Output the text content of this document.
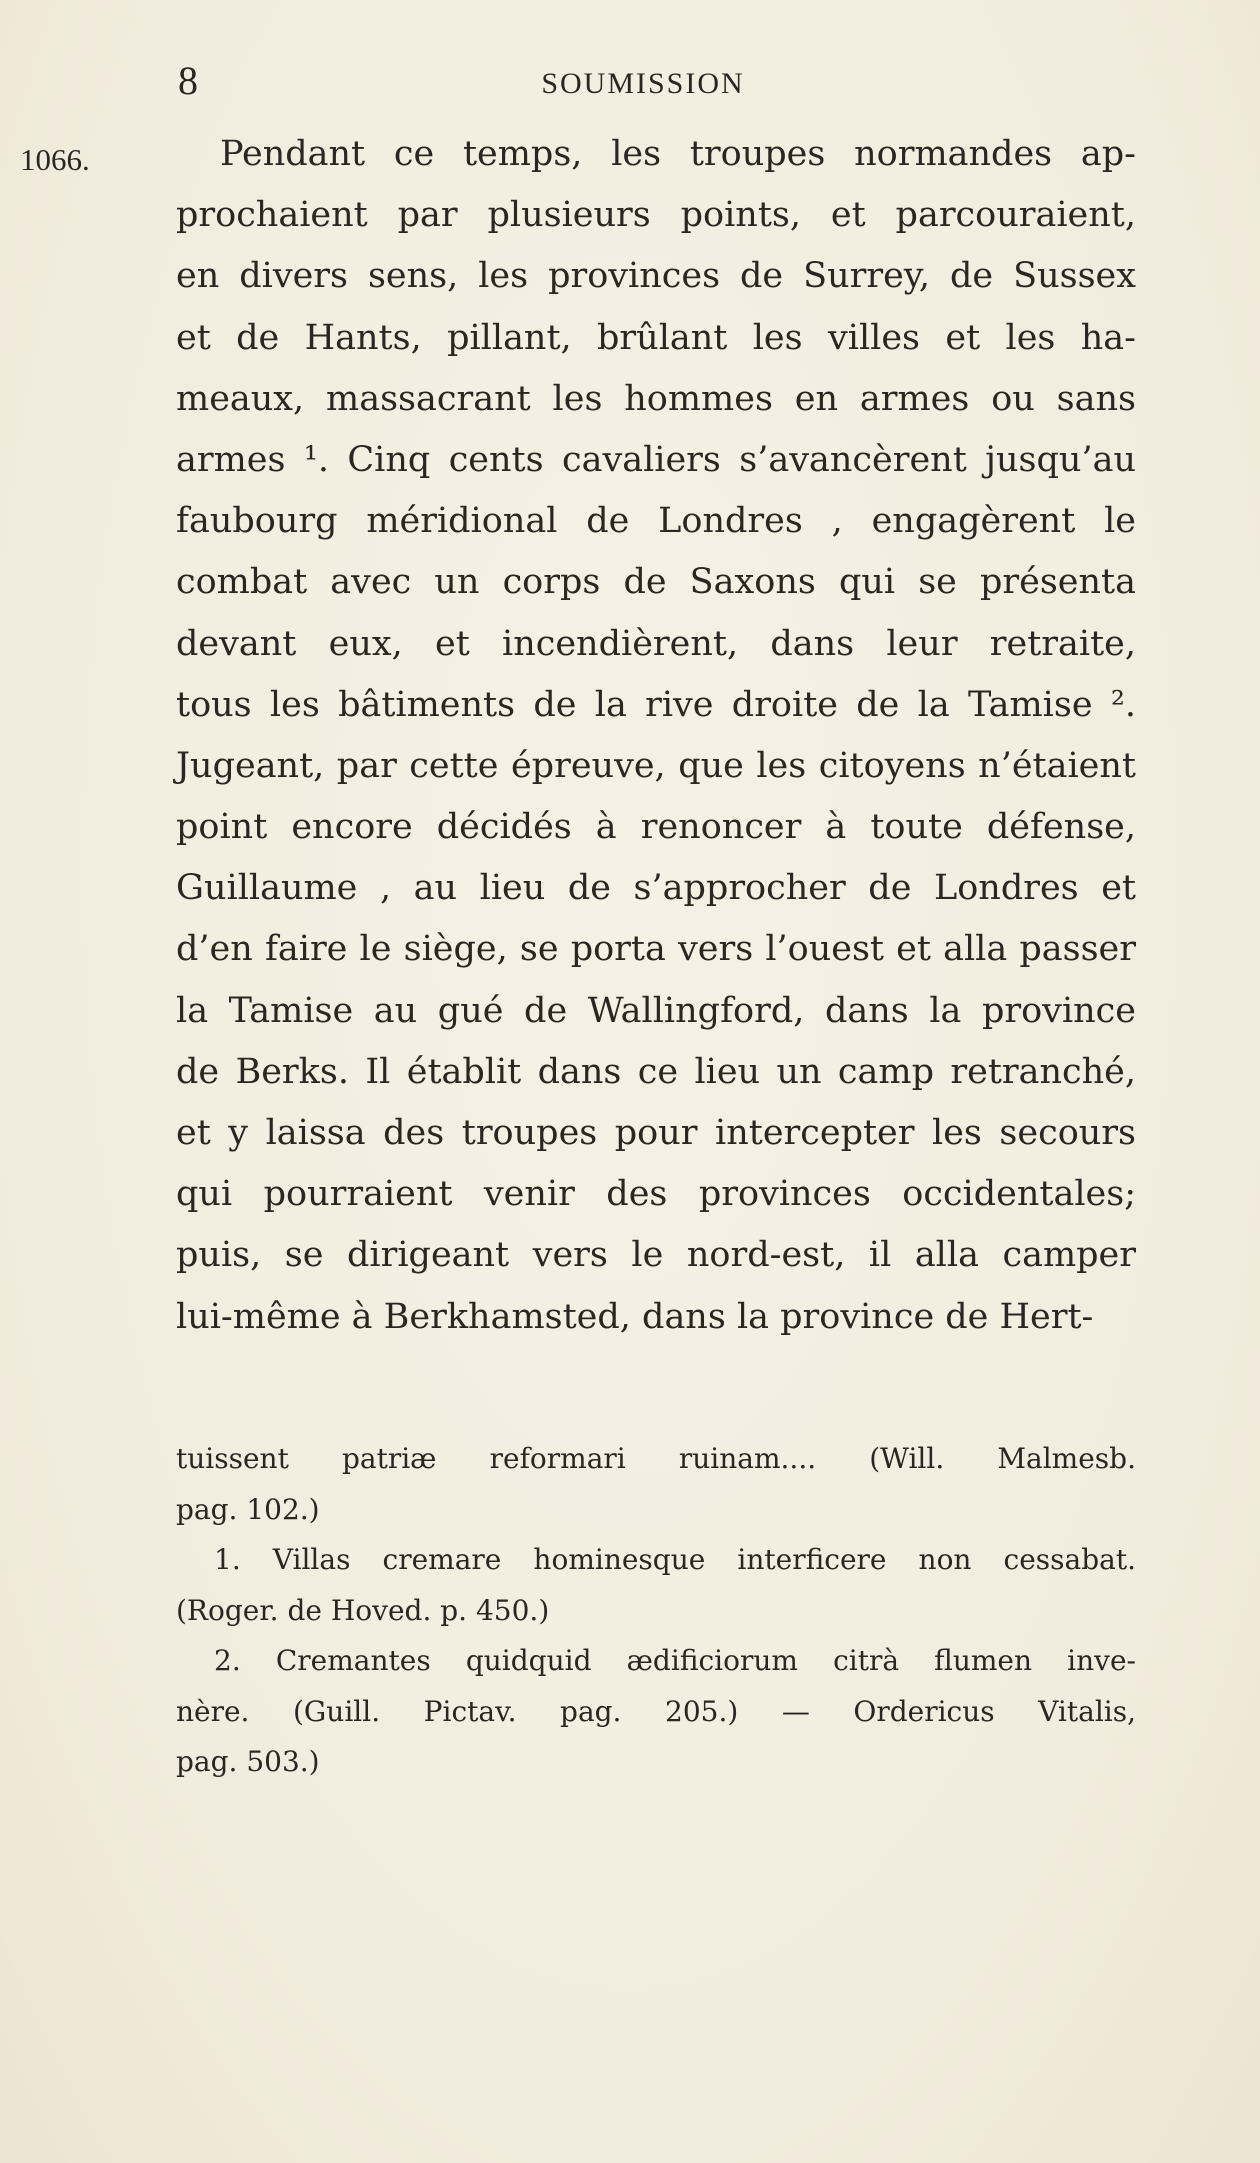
8	SOUMISSION
1066.	Pendant ce temps, les troupes normandes ap-
prochaient par plusieurs points, et parcouraient,
en divers sens, les provinces de Surrey, de Sussex
et de Hants, pillant, brûlant les villes et les ha-
meaux, massacrant les hommes en armes ou sans
armes ¹. Cinq cents cavaliers s’avancèrent jusqu’au
faubourg méridional de Londres , engagèrent le
combat avec un corps de Saxons qui se présenta
devant eux, et incendièrent, dans leur retraite,
tous les bâtiments de la rive droite de la Tamise ².
Jugeant, par cette épreuve, que les citoyens n’étaient
point encore décidés à renoncer à toute défense,
Guillaume , au lieu de s’approcher de Londres et
d’en faire le siège, se porta vers l’ouest et alla passer
la Tamise au gué de Wallingford, dans la province
de Berks. Il établit dans ce lieu un camp retranché,
et y laissa des troupes pour intercepter les secours
qui pourraient venir des provinces occidentales;
puis, se dirigeant vers le nord-est, il alla camper
lui-même à Berkhamsted, dans la province de Hert-
tuissent patriæ reformari ruinam.... (Will. Malmesb.
pag. 102.)
1. Villas cremare hominesque interficere non cessabat.
(Roger. de Hoved. p. 450.)
2. Cremantes quidquid ædificiorum citrà flumen inve-
nère. (Guill. Pictav. pag. 205.) — Ordericus Vitalis,
pag. 503.)
